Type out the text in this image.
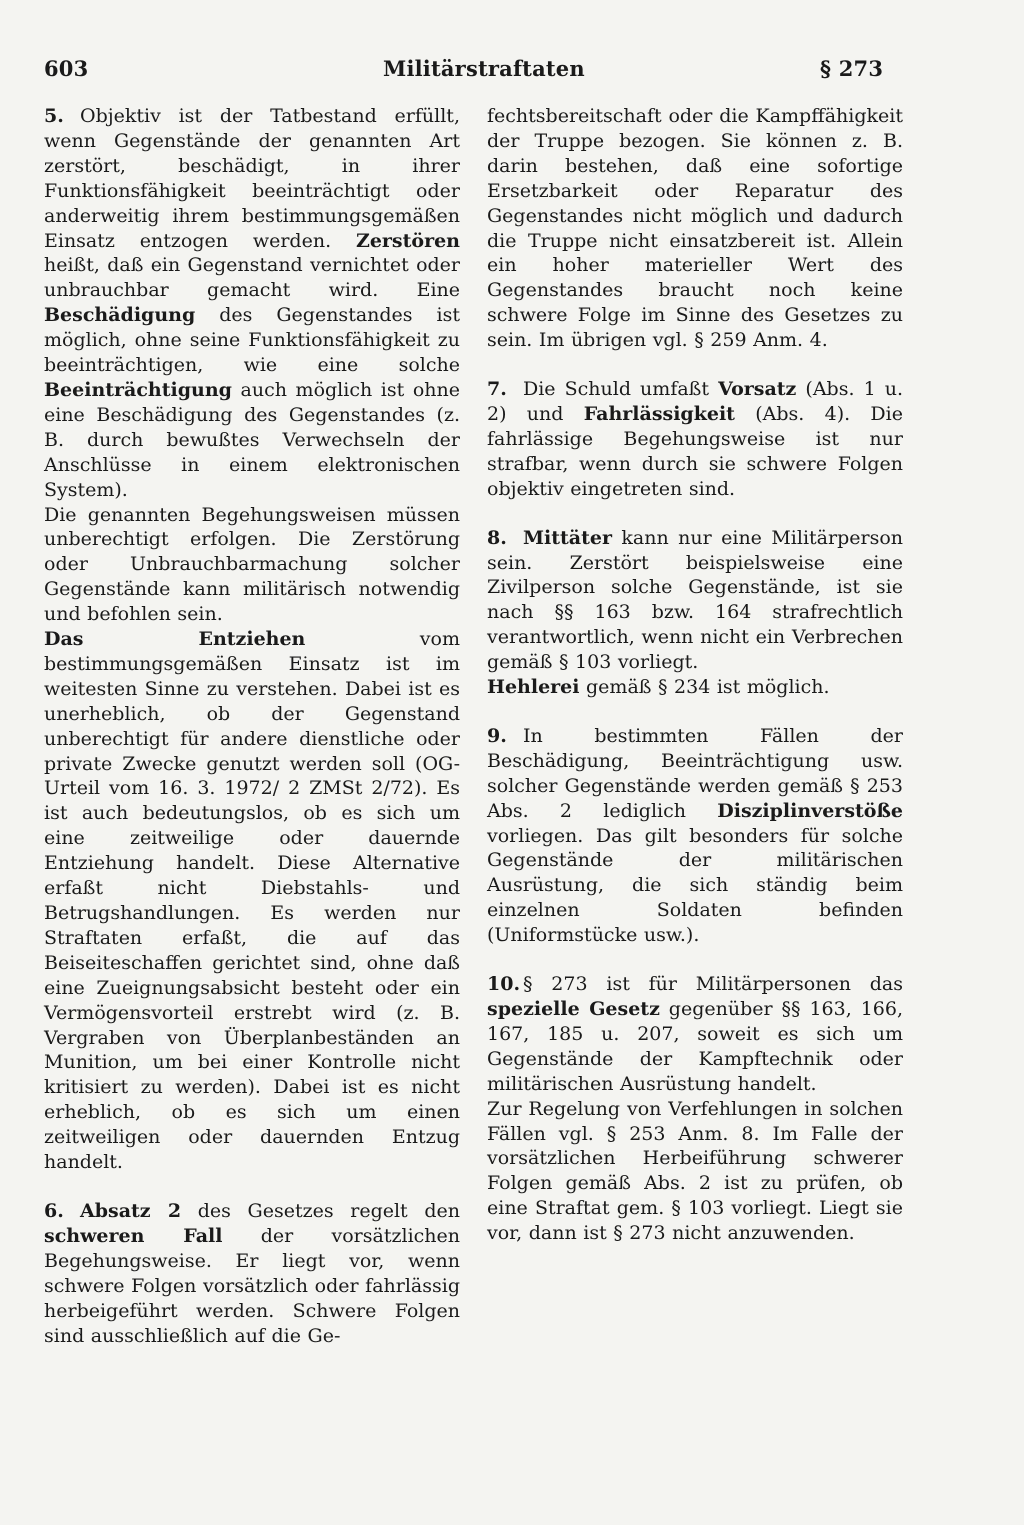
603	Militärstraftaten	§ 273

5. Objektiv ist der Tatbestand erfüllt, wenn Gegenstände der genannten Art zerstört, beschädigt, in ihrer Funktionsfähigkeit beeinträchtigt oder anderweitig ihrem bestimmungsgemäßen Einsatz entzogen werden. Zerstören heißt, daß ein Gegenstand vernichtet oder unbrauchbar gemacht wird. Eine Beschädigung des Gegenstandes ist möglich, ohne seine Funktionsfähigkeit zu beeinträchtigen, wie eine solche Beeinträchtigung auch möglich ist ohne eine Beschädigung des Gegenstandes (z. B. durch bewußtes Verwechseln der Anschlüsse in einem elektronischen System).

Die genannten Begehungsweisen müssen unberechtigt erfolgen. Die Zerstörung oder Unbrauchbarmachung solcher Gegenstände kann militärisch notwendig und befohlen sein.

Das Entziehen vom bestimmungsgemäßen Einsatz ist im weitesten Sinne zu verstehen. Dabei ist es unerheblich, ob der Gegenstand unberechtigt für andere dienstliche oder private Zwecke genutzt werden soll (OG-Urteil vom 16. 3. 1972/ 2 ZMSt 2/72). Es ist auch bedeutungslos, ob es sich um eine zeitweilige oder dauernde Entziehung handelt. Diese Alternative erfaßt nicht Diebstahls- und Betrugshandlungen. Es werden nur Straftaten erfaßt, die auf das Beiseiteschaffen gerichtet sind, ohne daß eine Zueignungsabsicht besteht oder ein Vermögensvorteil erstrebt wird (z. B. Vergraben von Überplanbeständen an Munition, um bei einer Kontrolle nicht kritisiert zu werden). Dabei ist es nicht erheblich, ob es sich um einen zeitweiligen oder dauernden Entzug handelt.

6. Absatz 2 des Gesetzes regelt den schweren Fall der vorsätzlichen Begehungsweise. Er liegt vor, wenn schwere Folgen vorsätzlich oder fahrlässig herbeigeführt werden. Schwere Folgen sind ausschließlich auf die Ge-

fechtsbereitschaft oder die Kampffähigkeit der Truppe bezogen. Sie können z. B. darin bestehen, daß eine sofortige Ersetzbarkeit oder Reparatur des Gegenstandes nicht möglich und dadurch die Truppe nicht einsatzbereit ist. Allein ein hoher materieller Wert des Gegenstandes braucht noch keine schwere Folge im Sinne des Gesetzes zu sein. Im übrigen vgl. § 259 Anm. 4.

7. Die Schuld umfaßt Vorsatz (Abs. 1 u. 2) und Fahrlässigkeit (Abs. 4). Die fahrlässige Begehungsweise ist nur strafbar, wenn durch sie schwere Folgen objektiv eingetreten sind.

8. Mittäter kann nur eine Militärperson sein. Zerstört beispielsweise eine Zivilperson solche Gegenstände, ist sie nach §§ 163 bzw. 164 strafrechtlich verantwortlich, wenn nicht ein Verbrechen gemäß § 103 vorliegt.

Hehlerei gemäß § 234 ist möglich.

9. In bestimmten Fällen der Beschädigung, Beeinträchtigung usw. solcher Gegenstände werden gemäß § 253 Abs. 2 lediglich Disziplinverstöße vorliegen. Das gilt besonders für solche Gegenstände der militärischen Ausrüstung, die sich ständig beim einzelnen Soldaten befinden (Uniformstücke usw.).

10. § 273 ist für Militärpersonen das spezielle Gesetz gegenüber §§ 163, 166, 167, 185 u. 207, soweit es sich um Gegenstände der Kampftechnik oder militärischen Ausrüstung handelt.

Zur Regelung von Verfehlungen in solchen Fällen vgl. § 253 Anm. 8. Im Falle der vorsätzlichen Herbeiführung schwerer Folgen gemäß Abs. 2 ist zu prüfen, ob eine Straftat gem. § 103 vorliegt. Liegt sie vor, dann ist § 273 nicht anzuwenden.
